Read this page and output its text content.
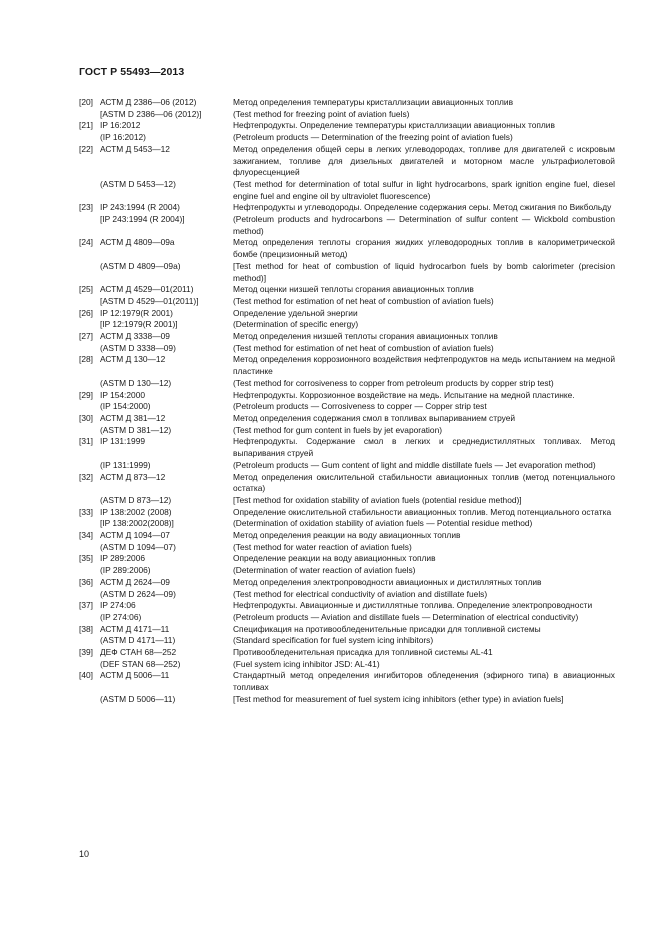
ГОСТ Р 55493—2013
[20] АСТМ Д 2386—06 (2012)	Метод определения температуры кристаллизации авиационных топлив
[ASTM D 2386—06 (2012)]	(Test method for freezing point of aviation fuels)
[21] IP 16:2012	Нефтепродукты. Определение температуры кристаллизации авиационных топлив
(IP 16:2012)	(Petroleum products — Determination of the freezing point of aviation fuels)
[22] АСТМ Д 5453—12	Метод определения общей серы в легких углеводородах, топливе для двигателей с искровым зажиганием, топливе для дизельных двигателей и моторном масле ультрафиолетовой флуоресценцией
(ASTM D 5453—12)	(Test method for determination of total sulfur in light hydrocarbons, spark ignition engine fuel, diesel engine fuel and engine oil by ultraviolet fluorescence)
[23] IP 243:1994 (R 2004)	Нефтепродукты и углеводороды. Определение содержания серы. Метод сжигания по Викбольду
[IP 243:1994 (R 2004)]	(Petroleum products and hydrocarbons — Determination of sulfur content — Wickbold combustion method)
[24] АСТМ Д 4809—09а	Метод определения теплоты сгорания жидких углеводородных топлив в калориметрической бомбе (прецизионный метод)
(ASTM D 4809—09a)	[Test method for heat of combustion of liquid hydrocarbon fuels by bomb calorimeter (precision method)]
[25] АСТМ Д 4529—01(2011)	Метод оценки низшей теплоты сгорания авиационных топлив
[ASTM D 4529—01(2011)]	(Test method for estimation of net heat of combustion of aviation fuels)
[26] IP 12:1979(R 2001)	Определение удельной энергии
[IP 12:1979(R 2001)]	(Determination of specific energy)
[27] АСТМ Д 3338—09	Метод определения низшей теплоты сгорания авиационных топлив
(ASTM D 3338—09)	(Test method for estimation of net heat of combustion of aviation fuels)
[28] АСТМ Д 130—12	Метод определения коррозионного воздействия нефтепродуктов на медь испытанием на медной пластинке
(ASTM D 130—12)	(Test method for corrosiveness to copper from petroleum products by copper strip test)
[29] IP 154:2000	Нефтепродукты. Коррозионное воздействие на медь. Испытание на медной пластинке.
(IP 154:2000)	(Petroleum products — Corrosiveness to copper — Copper strip test
[30] АСТМ Д 381—12	Метод определения содержания смол в топливах выпариванием струей
(ASTM D 381—12)	(Test method for gum content in fuels by jet evaporation)
[31] IP 131:1999	Нефтепродукты. Содержание смол в легких и среднедистиллятных топливах. Метод выпаривания струей
(IP 131:1999)	(Petroleum products — Gum content of light and middle distillate fuels — Jet evaporation method)
[32] АСТМ Д 873—12	Метод определения окислительной стабильности авиационных топлив (метод потенциального остатка)
(ASTM D 873—12)	[Test method for oxidation stability of aviation fuels (potential residue method)]
[33] IP 138:2002 (2008)	Определение окислительной стабильности авиационных топлив. Метод потенциального остатка
[IP 138:2002(2008)]	(Determination of oxidation stability of aviation fuels — Potential residue method)
[34] АСТМ Д 1094—07	Метод определения реакции на воду авиационных топлив
(ASTM D 1094—07)	(Test method for water reaction of aviation fuels)
[35] IP 289:2006	Определение реакции на воду авиационных топлив
(IP 289:2006)	(Determination of water reaction of aviation fuels)
[36] АСТМ Д 2624—09	Метод определения электропроводности авиационных и дистиллятных топлив
(ASTM D 2624—09)	(Test method for electrical conductivity of aviation and distillate fuels)
[37] IP 274:06	Нефтепродукты. Авиационные и дистиллятные топлива. Определение электропроводности
(IP 274:06)	(Petroleum products — Aviation and distillate fuels — Determination of electrical conductivity)
[38] АСТМ Д 4171—11	Спецификация на противообледенительные присадки для топливной системы
(ASTM D 4171—11)	(Standard specification for fuel system icing inhibitors)
[39] ДЕФ СТАН 68—252	Противообледенительная присадка для топливной системы AL-41
(DEF STAN 68—252)	(Fuel system icing inhibitor JSD: AL-41)
[40] АСТМ Д 5006—11	Стандартный метод определения ингибиторов обледенения (эфирного типа) в авиационных топливах
(ASTM D 5006—11)	[Test method for measurement of fuel system icing inhibitors (ether type) in aviation fuels]
10
